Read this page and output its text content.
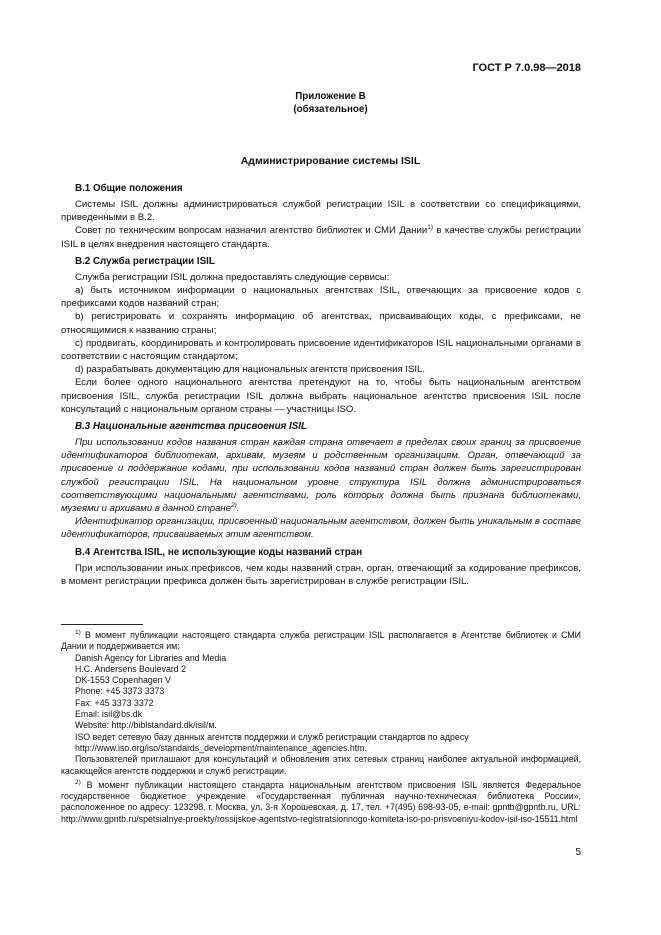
ГОСТ Р 7.0.98—2018
Приложение В
(обязательное)
Администрирование системы ISIL
В.1 Общие положения

Системы ISIL должны администрироваться службой регистрации ISIL в соответствии со спецификациями, приведенными в В.2.

Совет по техническим вопросам назначил агентство библиотек и СМИ Дании$^{1)}$ в качестве службы регистрации ISIL в целях внедрения настоящего стандарта.

В.2 Служба регистрации ISIL

Служба регистрации ISIL должна предоставлять следующие сервисы:

а) быть источником информации о национальных агентствах ISIL, отвечающих за присвоение кодов с префиксами кодов названий стран;

b) регистрировать и сохранять информацию об агентствах, присваивающих коды, с префиксами, не относящимися к названию страны;

с) продвигать, координировать и контролировать присвоение идентификаторов ISIL национальными органами в соответствии с настоящим стандартом;

d) разрабатывать документацию для национальных агентств присвоения ISIL.

Если более одного национального агентства претендуют на то, чтобы быть национальным агентством присвоения ISIL, служба регистрации ISIL должна выбрать национальное агентство присвоения ISIL после консультаций с национальным органом страны — участницы ISO.

В.3 Национальные агентства присвоения ISIL

При использовании кодов названия стран каждая страна отвечает в пределах своих границ за присвоение идентификаторов библиотекам, архивам, музеям и родственным организациям. Орган, отвечающий за присвоение и поддержание кодами, при использовании кодов названий стран должен быть зарегистрирован службой регистрации ISIL. На национальном уровне структура ISIL должна администрироваться соответствующими национальными агентствами, роль которых должна быть признана библиотеками, музеями и архивами в данной стране$^{2)}$.

Идентификатор организации, присвоенный национальным агентством, должен быть уникальным в составе идентификаторов, присваиваемых этим агентством.

В.4 Агентства ISIL, не использующие коды названий стран

При использовании иных префиксов, чем коды названий стран, орган, отвечающий за кодирование префиксов, в момент регистрации префикса должен быть зарегистрирован в службе регистрации ISIL.

$^{1)}$ В момент публикации настоящего стандарта служба регистрации ISIL располагается в Агентстве библиотек и СМИ Дании и поддерживается им:

Danish Agency for Libraries and Media

H.C. Andersens Boulevard 2

DK-1553 Copenhagen V

Phone: +45 3373 3373

Fax: +45 3373 3372

Email: isil@bs.dk

Website: http://biblstandard.dk/isil/м.

ISO ведет сетевую базу данных агентств поддержки и служб регистрации стандартов по адресу

http://www.iso.org/iso/standards_development/maintenance_agencies.htm.

Пользователей приглашают для консультаций и обновления этих сетевых страниц наиболее актуальной информацией, касающейся агентств поддержки и служб регистрации.

$^{2)}$ В момент публикации настоящего стандарта национальным агентством присвоения ISIL является Федеральное государственное бюджетное учреждение «Государственная публичная научно-техническая библиотека России», расположенное по адресу: 123298, г. Москва, ул. 3-я Хорошевская, д. 17, тел. +7(495) 698-93-05, e-mail: gpntb@gpntb.ru, URL: http://www.gpntb.ru/spetsialnye-proekty/rossijskoe-agentstvo-registratsionnogo-komiteta-iso-po-prisvoeniyu-kodov-isil-iso-15511.html

5
